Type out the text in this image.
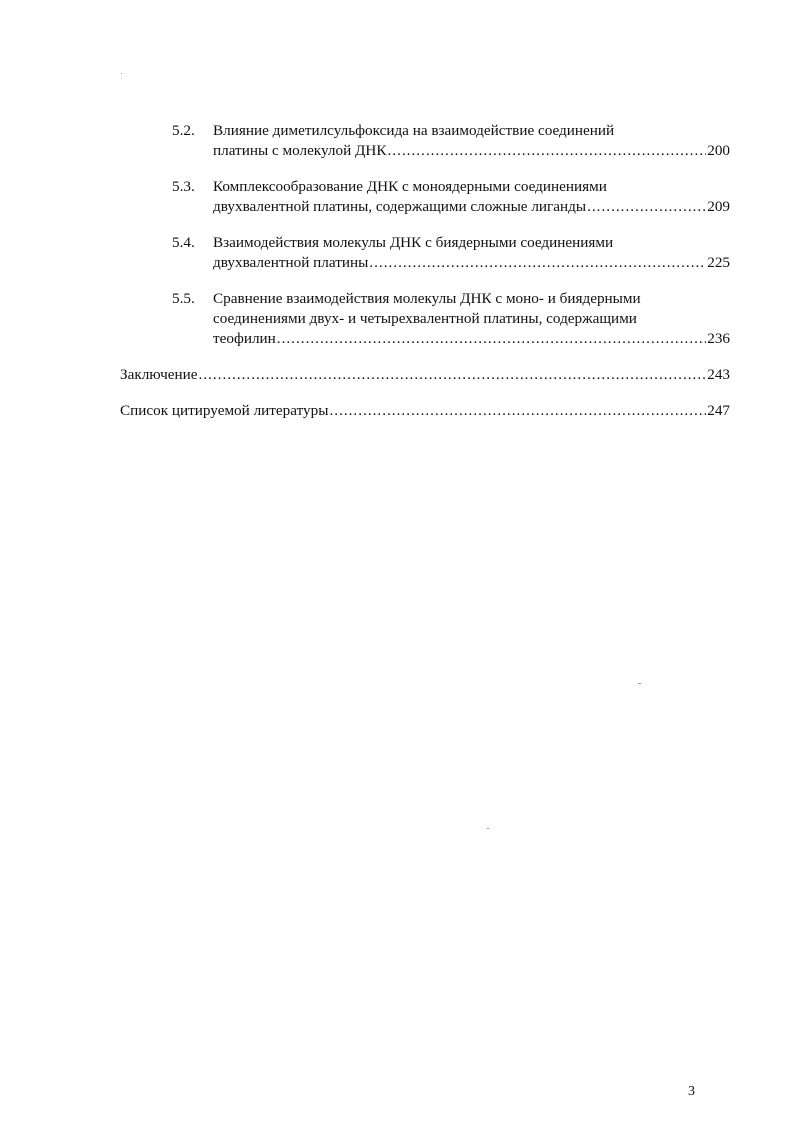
5.2.	Влияние диметилсульфоксида на взаимодействие соединений
платины с молекулой ДНК .....	200
5.3.	Комплексообразование ДНК с моноядерными соединениями
двухвалентной платины, содержащими сложные лиганды .....	209
5.4.	Взаимодействия молекулы ДНК с биядерными соединениями
двухвалентной платины .....	225
5.5.	Сравнение взаимодействия молекулы ДНК с моно- и биядерными
соединениями двух- и четырехвалентной платины, содержащими
теофилин .....	236
Заключение .....	243
Список цитируемой литературы .....	247
3
